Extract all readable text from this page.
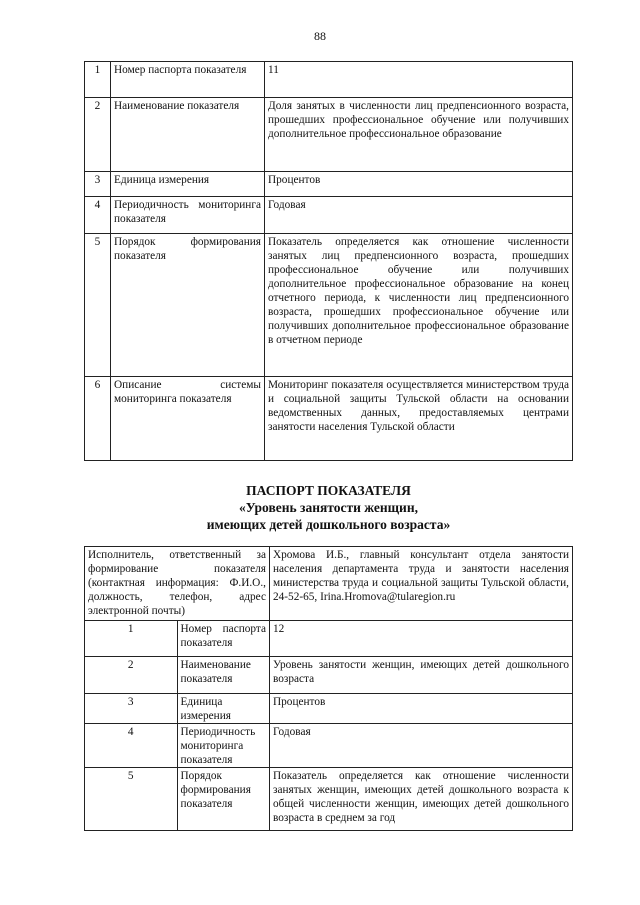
88
1	Номер паспорта показателя	11
2	Наименование показателя	Доля занятых в численности лиц предпенсионного возраста, прошедших профессиональное обучение или получивших дополнительное профессиональное образование
3	Единица измерения	Процентов
4	Периодичность мониторинга показателя	Годовая
5	Порядок формирования показателя	Показатель определяется как отношение численности занятых лиц предпенсионного возраста, прошедших профессиональное обучение или получивших дополнительное профессиональное образование на конец отчетного периода, к численности лиц предпенсионного возраста, прошедших профессиональное обучение или получивших дополнительное профессиональное образование в отчетном периоде
6	Описание системы мониторинга показателя	Мониторинг показателя осуществляется министерством труда и социальной защиты Тульской области на основании ведомственных данных, предоставляемых центрами занятости населения Тульской области
ПАСПОРТ ПОКАЗАТЕЛЯ
«Уровень занятости женщин,
имеющих детей дошкольного возраста»
Исполнитель, ответственный за формирование показателя (контактная информация: Ф.И.О., должность, телефон, адрес электронной почты)		Хромова И.Б., главный консультант отдела занятости населения департамента труда и занятости населения министерства труда и социальной защиты Тульской области, 24-52-65, Irina.Hromova@tularegion.ru
1	Номер паспорта показателя	12
2	Наименование показателя	Уровень занятости женщин, имеющих детей дошкольного возраста
3	Единица измерения	Процентов
4	Периодичность мониторинга показателя	Годовая
5	Порядок формирования показателя	Показатель определяется как отношение численности занятых женщин, имеющих детей дошкольного возраста к общей численности женщин, имеющих детей дошкольного возраста в среднем за год
